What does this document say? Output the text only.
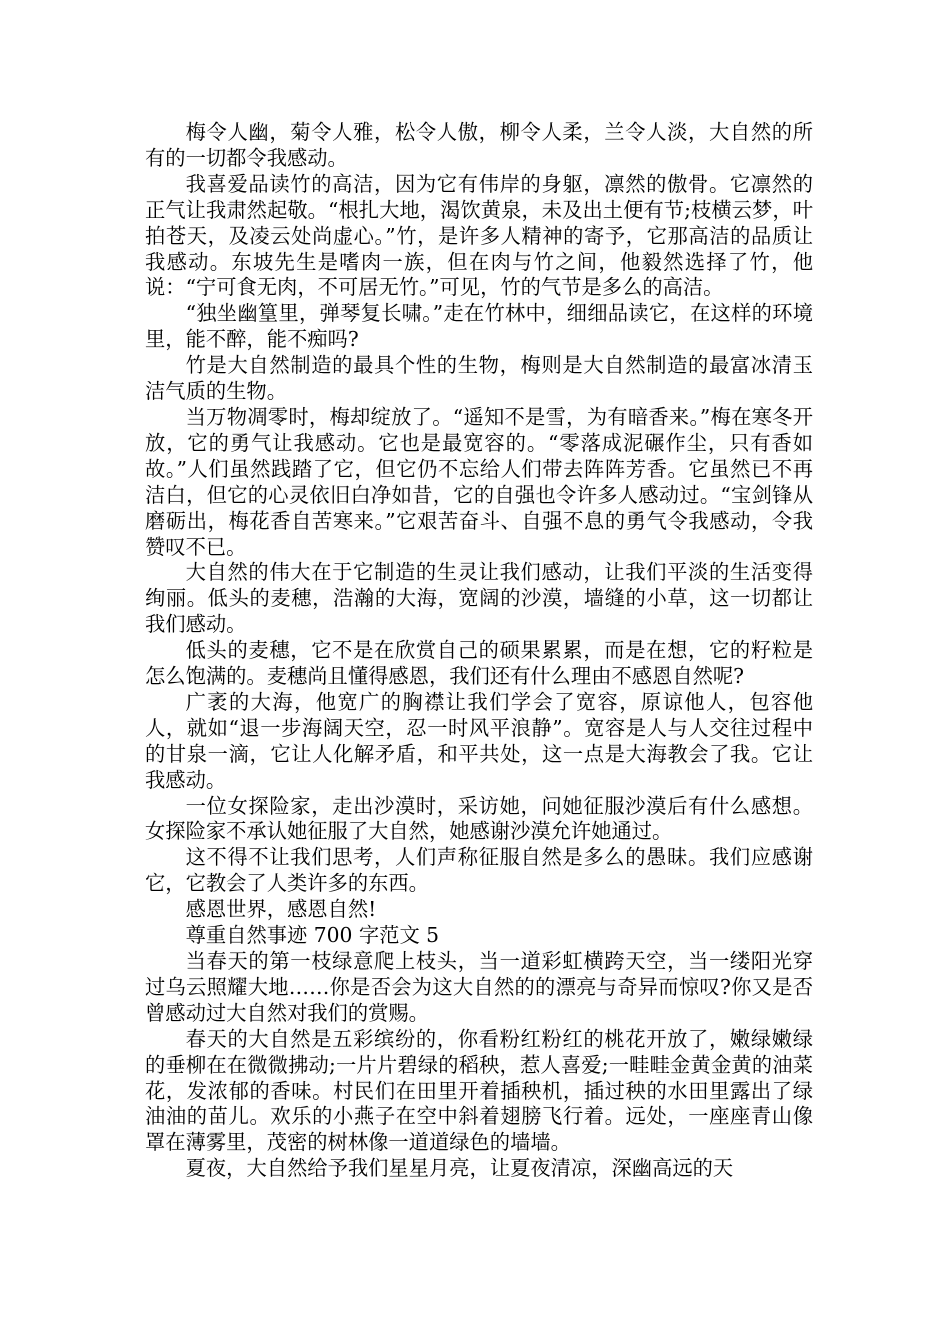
梅令人幽，菊令人雅，松令人傲，柳令人柔，兰令人淡，大自然的所有的一切都令我感动。

我喜爱品读竹的高洁，因为它有伟岸的身躯，凛然的傲骨。它凛然的正气让我肃然起敬。“根扎大地，渴饮黄泉，未及出土便有节;枝横云梦，叶拍苍天，及凌云处尚虚心。”竹，是许多人精神的寄予，它那高洁的品质让我感动。东坡先生是嗜肉一族，但在肉与竹之间，他毅然选择了竹，他说：“宁可食无肉，不可居无竹。”可见，竹的气节是多么的高洁。

“独坐幽篁里，弹琴复长啸。”走在竹林中，细细品读它，在这样的环境里，能不醉，能不痴吗?

竹是大自然制造的最具个性的生物，梅则是大自然制造的最富冰清玉洁气质的生物。

当万物凋零时，梅却绽放了。“遥知不是雪，为有暗香来。”梅在寒冬开放，它的勇气让我感动。它也是最宽容的。“零落成泥碾作尘，只有香如故。”人们虽然践踏了它，但它仍不忘给人们带去阵阵芳香。它虽然已不再洁白，但它的心灵依旧白净如昔，它的自强也令许多人感动过。“宝剑锋从磨砺出，梅花香自苦寒来。”它艰苦奋斗、自强不息的勇气令我感动，令我赞叹不已。

大自然的伟大在于它制造的生灵让我们感动，让我们平淡的生活变得绚丽。低头的麦穗，浩瀚的大海，宽阔的沙漠，墙缝的小草，这一切都让我们感动。

低头的麦穗，它不是在欣赏自己的硕果累累，而是在想，它的籽粒是怎么饱满的。麦穗尚且懂得感恩，我们还有什么理由不感恩自然呢?

广袤的大海，他宽广的胸襟让我们学会了宽容，原谅他人，包容他人，就如“退一步海阔天空，忍一时风平浪静”。宽容是人与人交往过程中的甘泉一滴，它让人化解矛盾，和平共处，这一点是大海教会了我。它让我感动。

一位女探险家，走出沙漠时，采访她，问她征服沙漠后有什么感想。女探险家不承认她征服了大自然，她感谢沙漠允许她通过。

这不得不让我们思考，人们声称征服自然是多么的愚昧。我们应感谢它，它教会了人类许多的东西。

感恩世界，感恩自然!

尊重自然事迹 700 字范文 5

当春天的第一枝绿意爬上枝头，当一道彩虹横跨天空，当一缕阳光穿过乌云照耀大地……你是否会为这大自然的的漂亮与奇异而惊叹?你又是否曾感动过大自然对我们的赏赐。

春天的大自然是五彩缤纷的，你看粉红粉红的桃花开放了，嫩绿嫩绿的垂柳在在微微拂动;一片片碧绿的稻秧，惹人喜爱;一畦畦金黄金黄的油菜花，发浓郁的香味。村民们在田里开着插秧机，插过秧的水田里露出了绿油油的苗儿。欢乐的小燕子在空中斜着翅膀飞行着。远处，一座座青山像罩在薄雾里，茂密的树林像一道道绿色的墙墙。

夏夜，大自然给予我们星星月亮，让夏夜清凉，深幽高远的天
